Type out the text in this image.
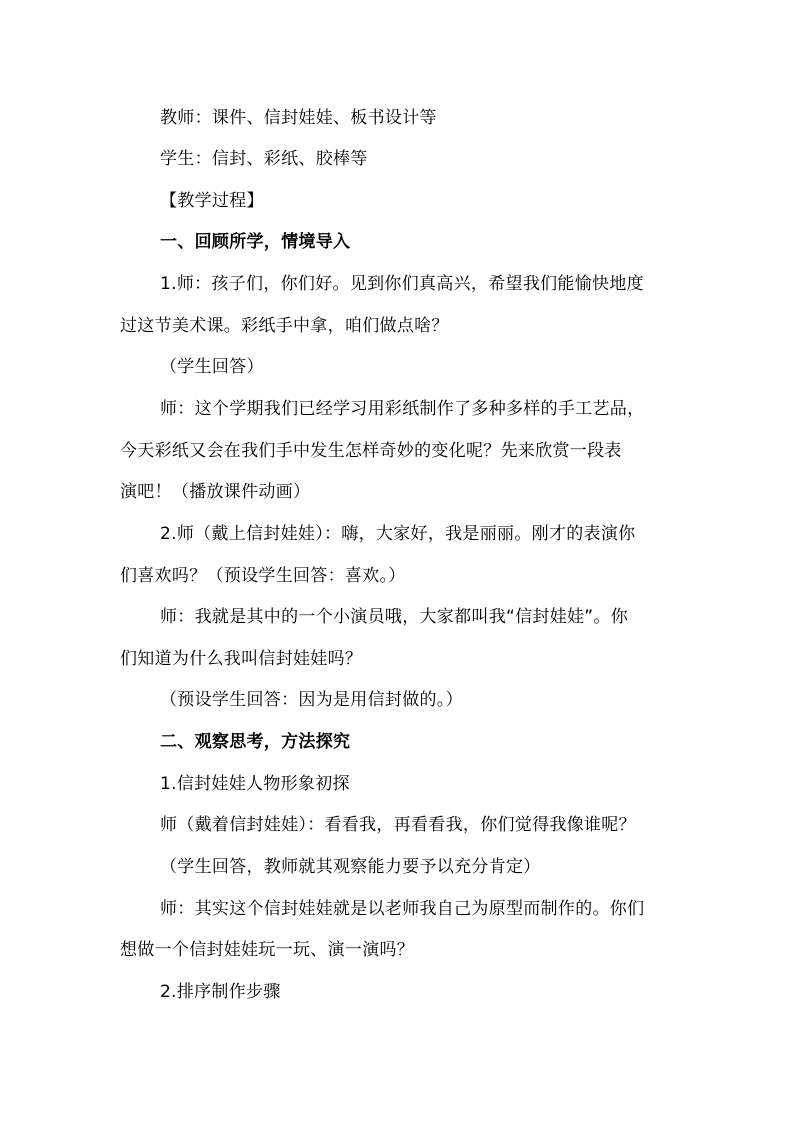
教师：课件、信封娃娃、板书设计等
学生：信封、彩纸、胶棒等
【教学过程】
一、回顾所学，情境导入
1.师：孩子们，你们好。见到你们真高兴，希望我们能愉快地度
过这节美术课。彩纸手中拿，咱们做点啥？
（学生回答）
师：这个学期我们已经学习用彩纸制作了多种多样的手工艺品，
今天彩纸又会在我们手中发生怎样奇妙的变化呢？先来欣赏一段表
演吧！（播放课件动画）
2.师（戴上信封娃娃）：嗨，大家好，我是丽丽。刚才的表演你
们喜欢吗？（预设学生回答：喜欢。）
师：我就是其中的一个小演员哦，大家都叫我“信封娃娃”。你
们知道为什么我叫信封娃娃吗？
（预设学生回答：因为是用信封做的。）
二、观察思考，方法探究
1.信封娃娃人物形象初探
师（戴着信封娃娃）：看看我，再看看我，你们觉得我像谁呢？
（学生回答，教师就其观察能力要予以充分肯定）
师：其实这个信封娃娃就是以老师我自己为原型而制作的。你们
想做一个信封娃娃玩一玩、演一演吗？
2.排序制作步骤
